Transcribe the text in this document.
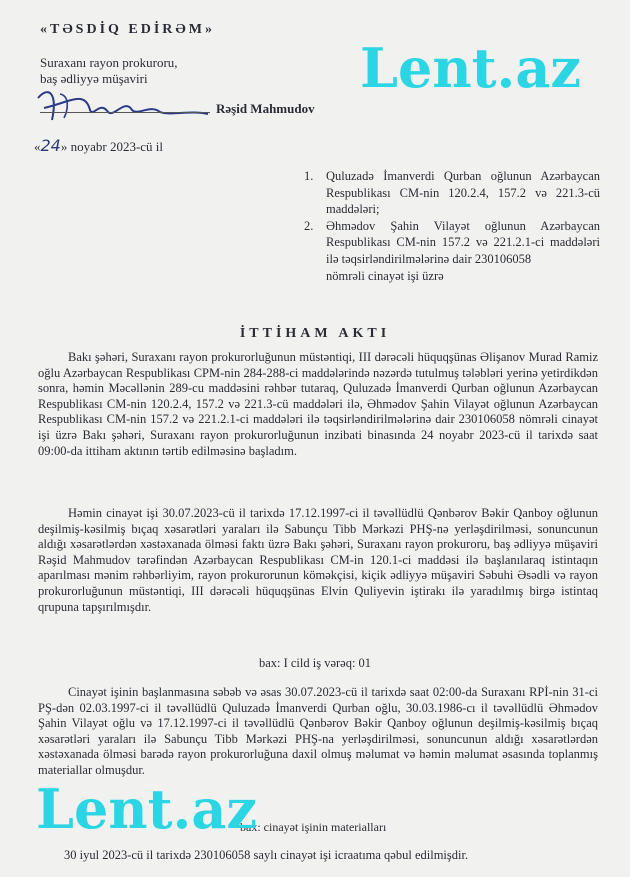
«TƏSDİQ EDİRƏM»
Suraxanı rayon prokuroru,
baş ədliyyə müşaviri
Rəşid Mahmudov
«24» noyabr 2023-cü il
Lent.az
1. Quluzadə İmanverdi Qurban oğlunun Azərbaycan Respublikası CM-nin 120.2.4, 157.2 və 221.3-cü maddələri;
2. Əhmədov Şahin Vilayət oğlunun Azərbaycan Respublikası CM-nin 157.2 və 221.2.1-ci maddələri ilə təqsirləndirilmələrinə dair 230106058
nömrəli cinayət işi üzrə
İTTİHAM AKTI
Bakı şəhəri, Suraxanı rayon prokurorluğunun müstəntiqi, III dərəcəli hüquqşünas Əlişanov Murad Ramiz oğlu Azərbaycan Respublikası CPM-nin 284-288-ci maddələrində nəzərdə tutulmuş tələbləri yerinə yetirdikdən sonra, həmin Məcəllənin 289-cu maddəsini rəhbər tutaraq, Quluzadə İmanverdi Qurban oğlunun Azərbaycan Respublikası CM-nin 120.2.4, 157.2 və 221.3-cü maddələri ilə, Əhmədov Şahin Vilayət oğlunun Azərbaycan Respublikası CM-nin 157.2 və 221.2.1-ci maddələri ilə təqsirləndirilmələrinə dair 230106058 nömrəli cinayət işi üzrə Bakı şəhəri, Suraxanı rayon prokurorluğunun inzibati binasında 24 noyabr 2023-cü il tarixdə saat 09:00-da ittiham aktının tərtib edilməsinə başladım.
Həmin cinayət işi 30.07.2023-cü il tarixdə 17.12.1997-ci il təvəllüdlü Qənbərov Bəkir Qanboy oğlunun deşilmiş-kəsilmiş bıçaq xəsarətləri yaraları ilə Sabunçu Tibb Mərkəzi PHŞ-nə yerləşdirilməsi, sonuncunun aldığı xəsarətlərdən xəstəxanada ölməsi faktı üzrə Bakı şəhəri, Suraxanı rayon prokuroru, baş ədliyyə müşaviri Rəşid Mahmudov tərəfindən Azərbaycan Respublikası CM-in 120.1-ci maddəsi ilə başlanılaraq istintaqın aparılması mənim rəhbərliyim, rayon prokurorunun köməkçisi, kiçik ədliyyə müşaviri Səbuhi Əsədli və rayon prokurorluğunun müstəntiqi, III dərəcəli hüquqşünas Elvin Quliyevin iştirakı ilə yaradılmış birgə istintaq qrupuna tapşırılmışdır.
bax: I cild iş vərəq: 01
Cinayət işinin başlanmasına səbəb və əsas 30.07.2023-cü il tarixdə saat 02:00-da Suraxanı RPİ-nin 31-ci PŞ-dən 02.03.1997-ci il təvəllüdlü Quluzadə İmanverdi Qurban oğlu, 30.03.1986-cı il təvəllüdlü Əhmədov Şahin Vilayət oğlu və 17.12.1997-ci il təvəllüdlü Qənbərov Bəkir Qanboy oğlunun deşilmiş-kəsilmiş bıçaq xəsarətləri yaraları ilə Sabunçu Tibb Mərkəzi PHŞ-na yerləşdirilməsi, sonuncunun aldığı xəsarətlərdən xəstəxanada ölməsi barədə rayon prokurorluğuna daxil olmuş məlumat və həmin məlumat əsasında toplanmış materiallar olmuşdur.
bax: cinayət işinin materialları
30 iyul 2023-cü il tarixdə 230106058 saylı cinayət işi icraatıma qəbul edilmişdir.
Lent.az
